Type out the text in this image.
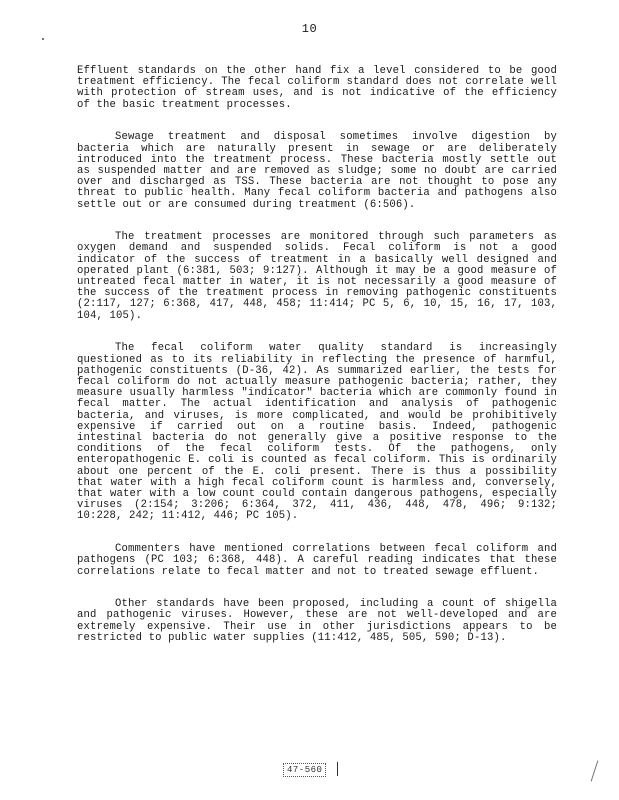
10

Effluent standards on the other hand fix a level considered to be good treatment efficiency. The fecal coliform standard does not correlate well with protection of stream uses, and is not indicative of the efficiency of the basic treatment processes.

Sewage treatment and disposal sometimes involve digestion by bacteria which are naturally present in sewage or are deliberately introduced into the treatment process. These bacteria mostly settle out as suspended matter and are removed as sludge; some no doubt are carried over and discharged as TSS. These bacteria are not thought to pose any threat to public health. Many fecal coliform bacteria and pathogens also settle out or are consumed during treatment (6:506).

The treatment processes are monitored through such parameters as oxygen demand and suspended solids. Fecal coliform is not a good indicator of the success of treatment in a basically well designed and operated plant (6:381, 503; 9:127). Although it may be a good measure of untreated fecal matter in water, it is not necessarily a good measure of the success of the treatment process in removing pathogenic constituents (2:117, 127; 6:368, 417, 448, 458; 11:414; PC 5, 6, 10, 15, 16, 17, 103, 104, 105).

The fecal coliform water quality standard is increasingly questioned as to its reliability in reflecting the presence of harmful, pathogenic constituents (D-36, 42). As summarized earlier, the tests for fecal coliform do not actually measure pathogenic bacteria; rather, they measure usually harmless "indicator" bacteria which are commonly found in fecal matter. The actual identification and analysis of pathogenic bacteria, and viruses, is more complicated, and would be prohibitively expensive if carried out on a routine basis. Indeed, pathogenic intestinal bacteria do not generally give a positive response to the conditions of the fecal coliform tests. Of the pathogens, only enteropathogenic E. coli is counted as fecal coliform. This is ordinarily about one percent of the E. coli present. There is thus a possibility that water with a high fecal coliform count is harmless and, conversely, that water with a low count could contain dangerous pathogens, especially viruses (2:154; 3:206; 6:364, 372, 411, 436, 448, 478, 496; 9:132; 10:228, 242; 11:412, 446; PC 105).

Commenters have mentioned correlations between fecal coliform and pathogens (PC 103; 6:368, 448). A careful reading indicates that these correlations relate to fecal matter and not to treated sewage effluent.

Other standards have been proposed, including a count of shigella and pathogenic viruses. However, these are not well-developed and are extremely expensive. Their use in other jurisdictions appears to be restricted to public water supplies (11:412, 485, 505, 590; D-13).

47-560
